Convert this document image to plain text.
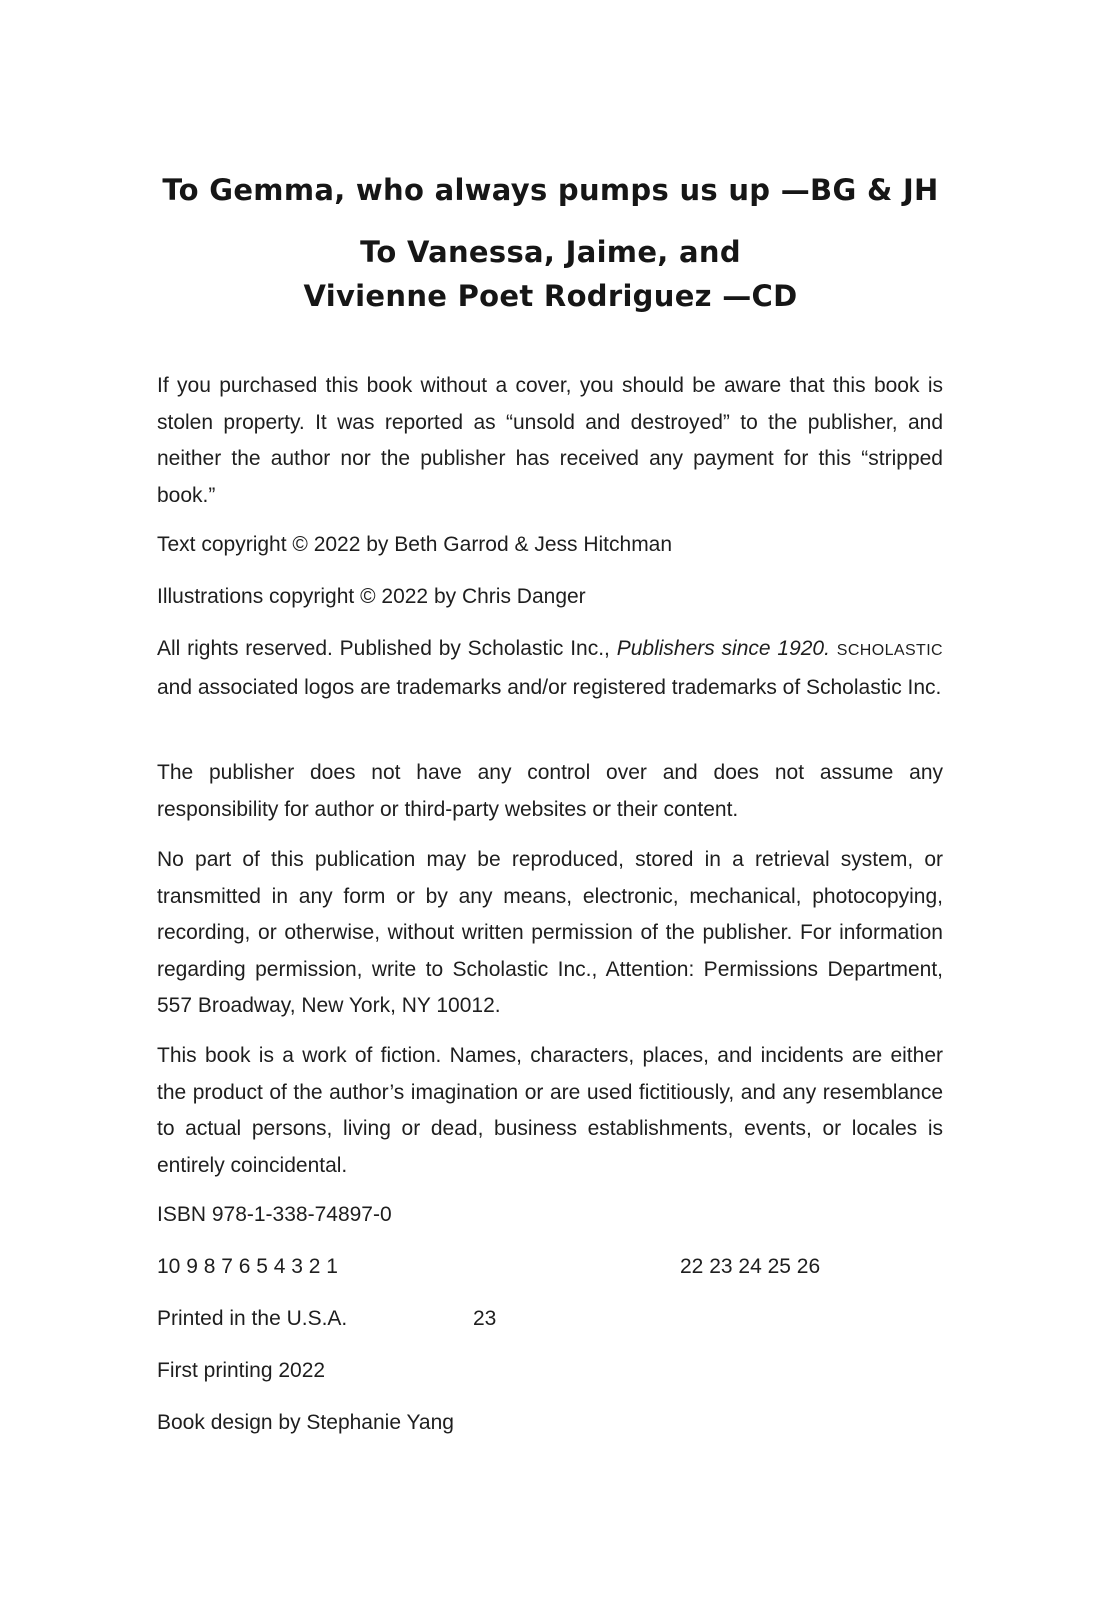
To Gemma, who always pumps us up —BG & JH
To Vanessa, Jaime, and
Vivienne Poet Rodriguez —CD

If you purchased this book without a cover, you should be aware that this book is stolen property. It was reported as “unsold and destroyed” to the publisher, and neither the author nor the publisher has received any payment for this “stripped book.”

Text copyright © 2022 by Beth Garrod & Jess Hitchman

Illustrations copyright © 2022 by Chris Danger

All rights reserved. Published by Scholastic Inc., Publishers since 1920. SCHOLASTIC and associated logos are trademarks and/or registered trademarks of Scholastic Inc.

The publisher does not have any control over and does not assume any responsibility for author or third-party websites or their content.

No part of this publication may be reproduced, stored in a retrieval system, or transmitted in any form or by any means, electronic, mechanical, photocopying, recording, or otherwise, without written permission of the publisher. For information regarding permission, write to Scholastic Inc., Attention: Permissions Department, 557 Broadway, New York, NY 10012.

This book is a work of fiction. Names, characters, places, and incidents are either the product of the author’s imagination or are used fictitiously, and any resemblance to actual persons, living or dead, business establishments, events, or locales is entirely coincidental.

ISBN 978-1-338-74897-0

10 9 8 7 6 5 4 3 2 1	22 23 24 25 26
Printed in the U.S.A.	23

First printing 2022

Book design by Stephanie Yang
